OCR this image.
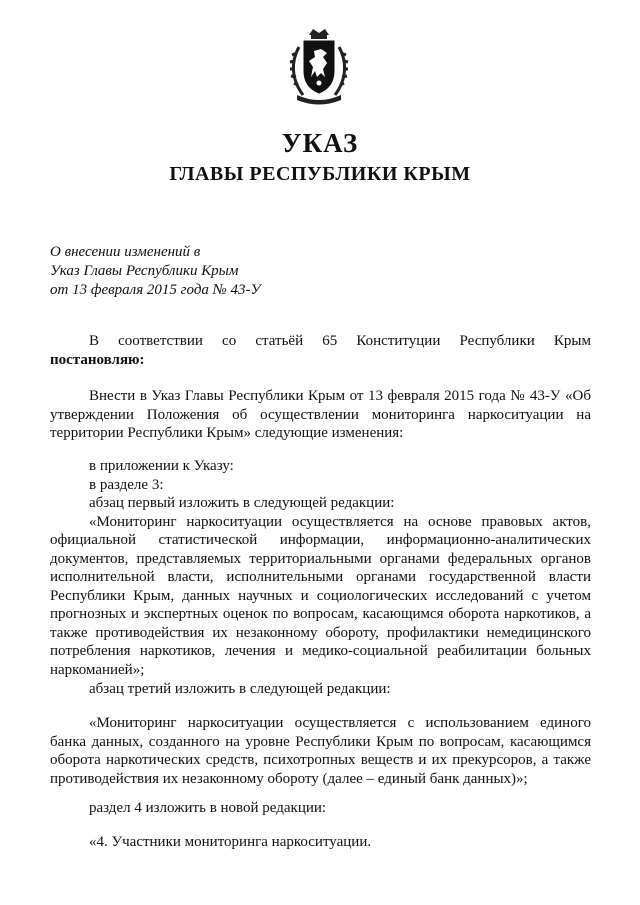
УКАЗ
ГЛАВЫ РЕСПУБЛИКИ КРЫМ
О внесении изменений в
Указ Главы Республики Крым
от 13 февраля 2015 года № 43-У

В соответствии со статьёй 65 Конституции Республики Крым

постановляю:

Внести в Указ Главы Республики Крым от 13 февраля 2015 года № 43-У «Об утверждении Положения об осуществлении мониторинга наркоситуации на территории Республики Крым» следующие изменения:

в приложении к Указу:

в разделе 3:

абзац первый изложить в следующей редакции:

«Мониторинг наркоситуации осуществляется на основе правовых актов, официальной статистической информации, информационно-аналитических документов, представляемых территориальными органами федеральных органов исполнительной власти, исполнительными органами государственной власти Республики Крым, данных научных и социологических исследований с учетом прогнозных и экспертных оценок по вопросам, касающимся оборота наркотиков, а также противодействия их незаконному обороту, профилактики немедицинского потребления наркотиков, лечения и медико-социальной реабилитации больных наркоманией»;

абзац третий изложить в следующей редакции:

«Мониторинг наркоситуации осуществляется с использованием единого банка данных, созданного на уровне Республики Крым по вопросам, касающимся оборота наркотических средств, психотропных веществ и их прекурсоров, а также противодействия их незаконному обороту (далее – единый банк данных)»;

раздел 4 изложить в новой редакции:

«4. Участники мониторинга наркоситуации.
